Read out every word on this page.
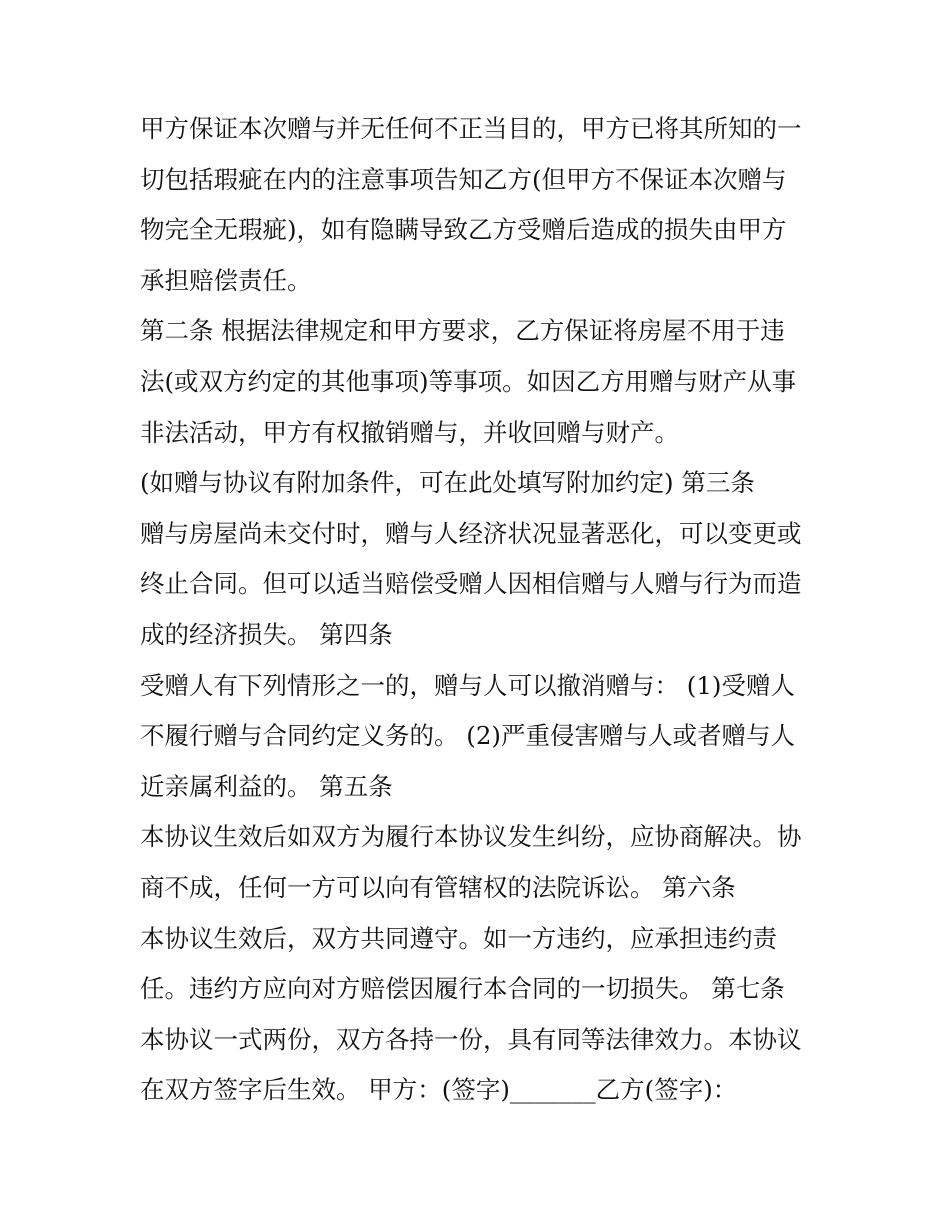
甲方保证本次赠与并无任何不正当目的，甲方已将其所知的一
切包括瑕疵在内的注意事项告知乙方(但甲方不保证本次赠与
物完全无瑕疵)，如有隐瞒导致乙方受赠后造成的损失由甲方
承担赔偿责任。
第二条 根据法律规定和甲方要求，乙方保证将房屋不用于违
法(或双方约定的其他事项)等事项。如因乙方用赠与财产从事
非法活动，甲方有权撤销赠与，并收回赠与财产。
(如赠与协议有附加条件，可在此处填写附加约定) 第三条
赠与房屋尚未交付时，赠与人经济状况显著恶化，可以变更或
终止合同。但可以适当赔偿受赠人因相信赠与人赠与行为而造
成的经济损失。 第四条
受赠人有下列情形之一的，赠与人可以撤消赠与： (1)受赠人
不履行赠与合同约定义务的。 (2)严重侵害赠与人或者赠与人
近亲属利益的。 第五条
本协议生效后如双方为履行本协议发生纠纷，应协商解决。协
商不成，任何一方可以向有管辖权的法院诉讼。 第六条
本协议生效后，双方共同遵守。如一方违约，应承担违约责
任。违约方应向对方赔偿因履行本合同的一切损失。 第七条
本协议一式两份，双方各持一份，具有同等法律效力。本协议
在双方签字后生效。 甲方：(签字)_______乙方(签字)：
